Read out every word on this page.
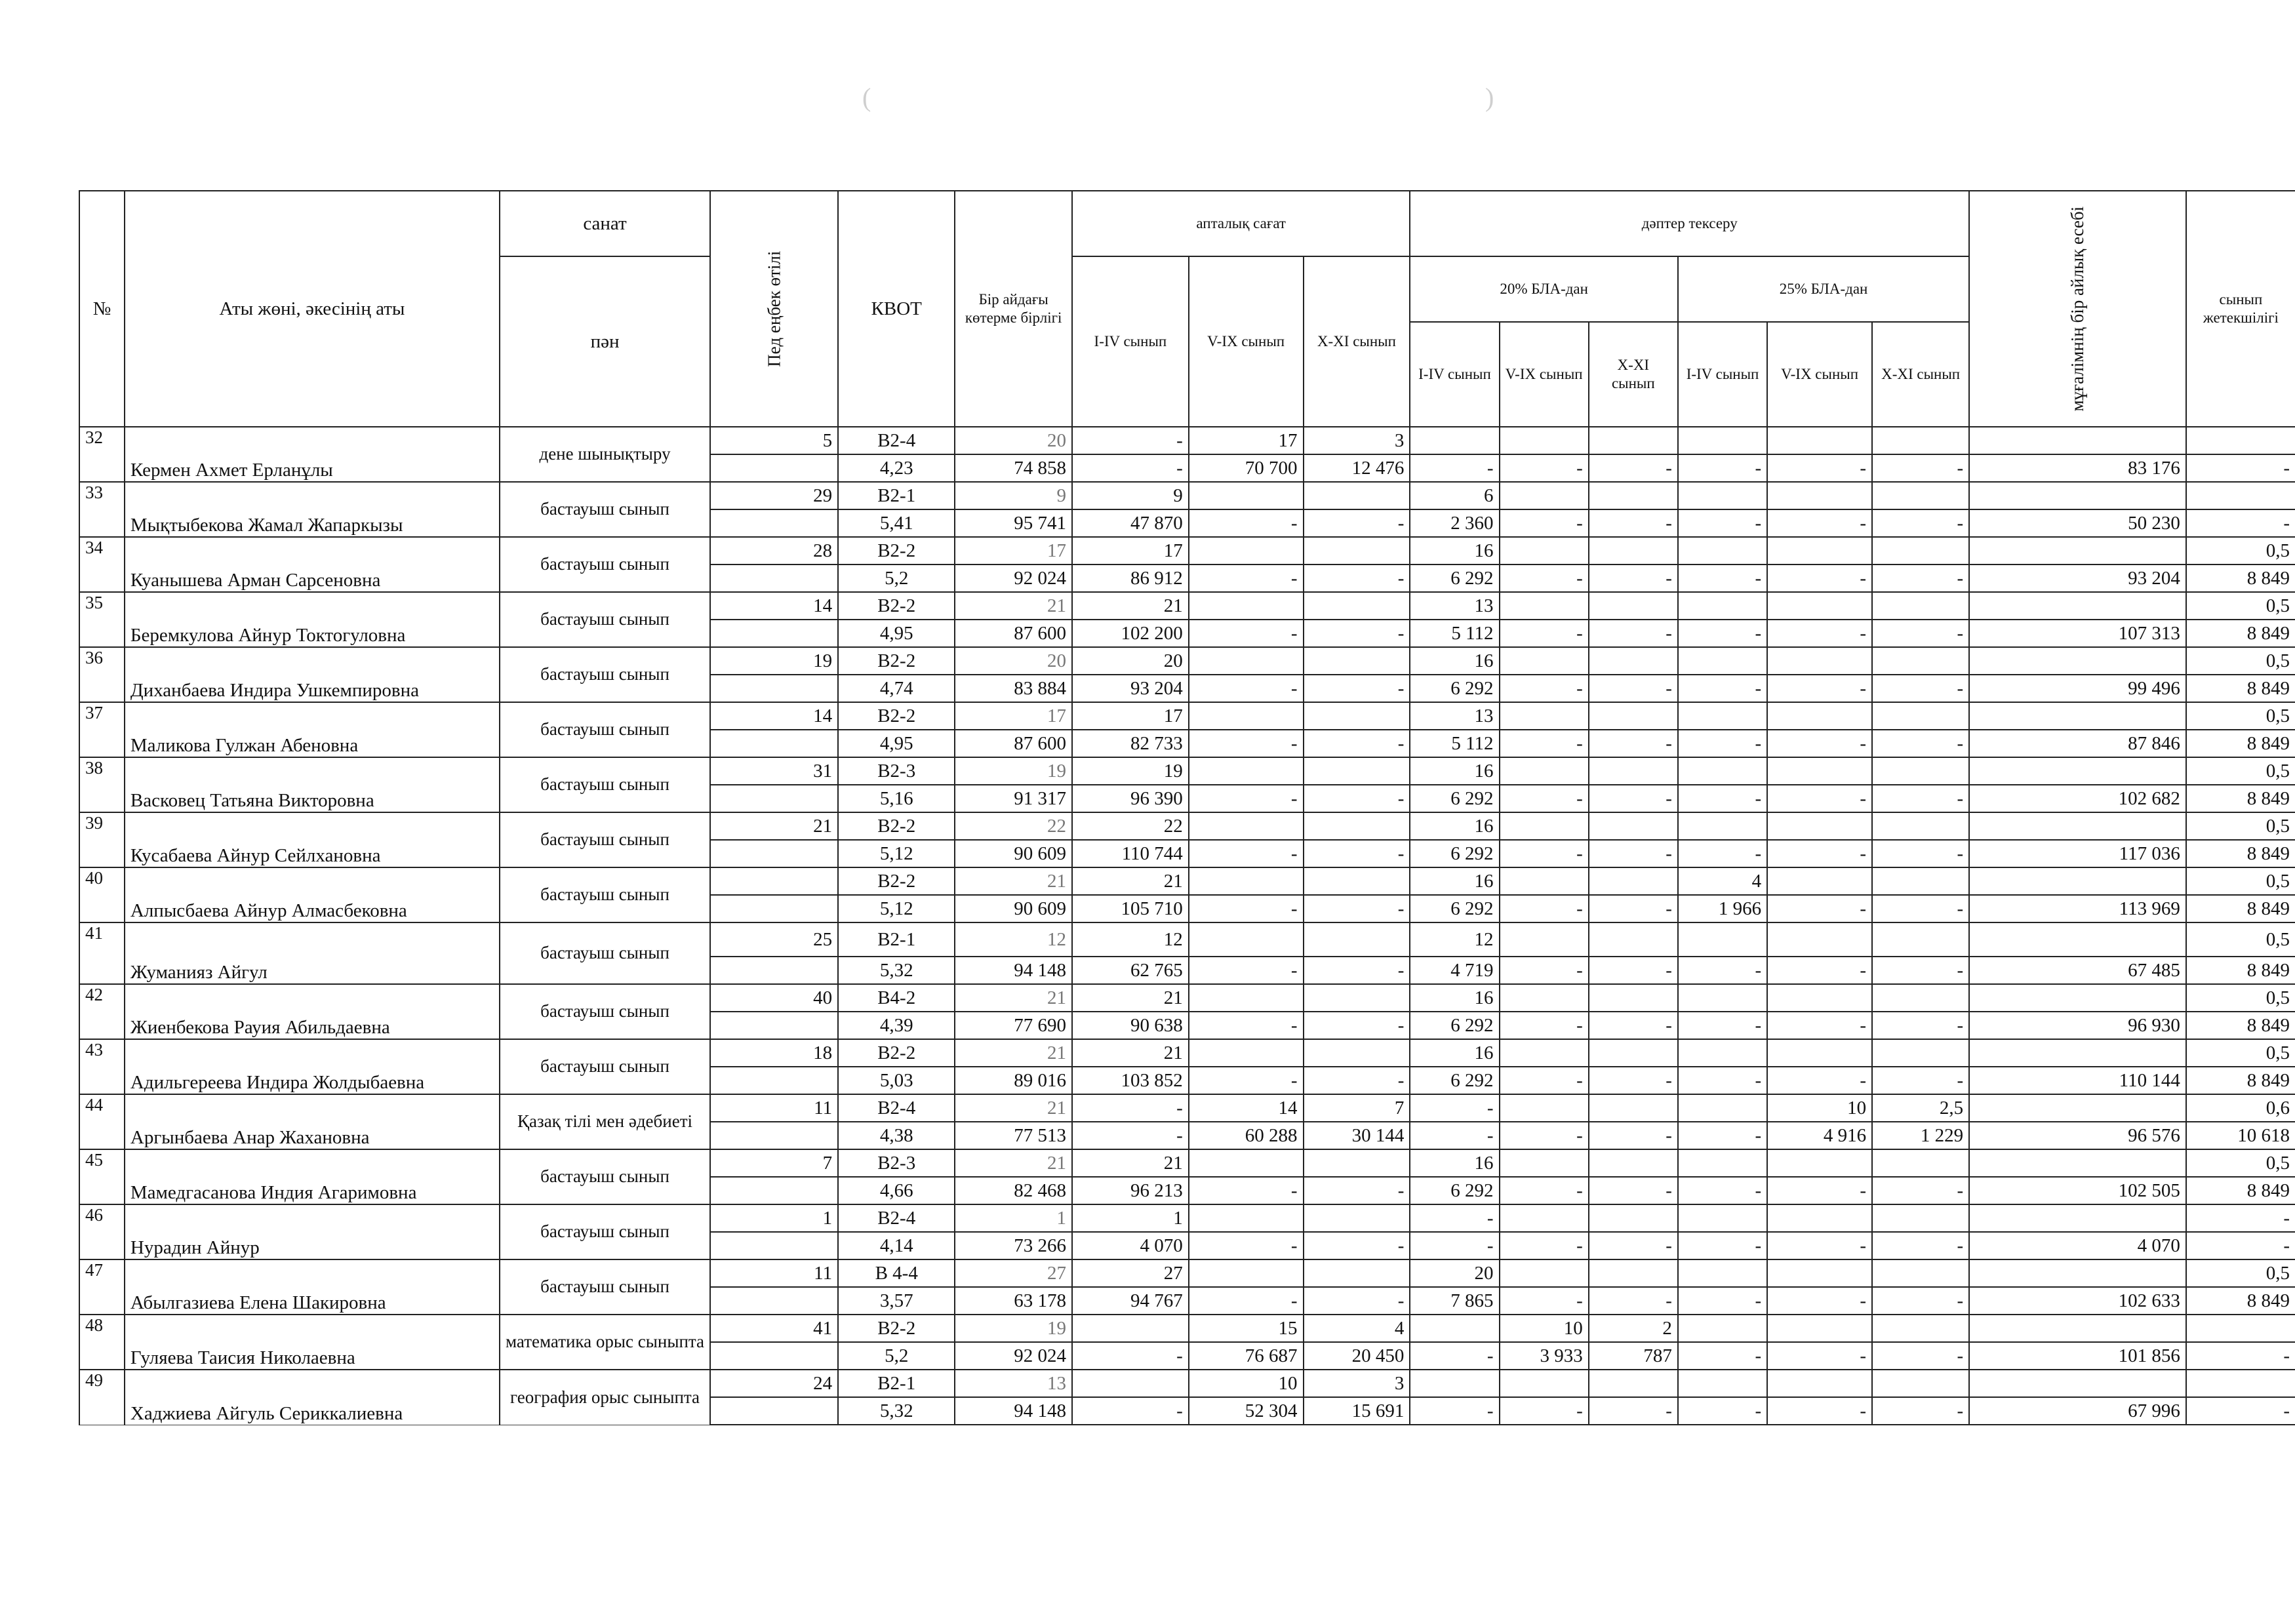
(	)
№	Аты жөні, әкесінің аты	санат	Пед еңбек өтілі	КВОТ	Бір айдағы көтерме бірлігі	апталық сағат			дәптер тексеру						мұғалімнің бір айлық есебі	сынып жетекшілігі
		пән				I-IV сынып	V-IX сынып	X-XI сынып	20% БЛА-дан			25% БЛА-дан				
									I-IV сынып	V-IX сынып	X-XI сынып	I-IV сынып	V-IX сынып	X-XI сынып		
32	Кермен Ахмет Ерланұлы	дене шынықтыру	5	В2-4	20	-	17	3								
				4,23	74 858	-	70 700	12 476	-	-	-	-	-	-	83 176	-
33	Мықтыбекова Жамал Жапаркызы	бастауыш сынып	29	В2-1	9	9			6							
				5,41	95 741	47 870	-	-	2 360	-	-	-	-	-	50 230	-
34	Куанышева Арман Сарсеновна	бастауыш сынып	28	В2-2	17	17			16							0,5
				5,2	92 024	86 912	-	-	6 292	-	-	-	-	-	93 204	8 849
35	Беремкулова Айнур Токтогуловна	бастауыш сынып	14	В2-2	21	21			13							0,5
				4,95	87 600	102 200	-	-	5 112	-	-	-	-	-	107 313	8 849
36	Диханбаева Индира Ушкемпировна	бастауыш сынып	19	В2-2	20	20			16							0,5
				4,74	83 884	93 204	-	-	6 292	-	-	-	-	-	99 496	8 849
37	Маликова Гулжан Абеновна	бастауыш сынып	14	В2-2	17	17			13							0,5
				4,95	87 600	82 733	-	-	5 112	-	-	-	-	-	87 846	8 849
38	Васковец Татьяна Викторовна	бастауыш сынып	31	В2-3	19	19			16							0,5
				5,16	91 317	96 390	-	-	6 292	-	-	-	-	-	102 682	8 849
39	Кусабаева Айнур Сейлхановна	бастауыш сынып	21	В2-2	22	22			16							0,5
				5,12	90 609	110 744	-	-	6 292	-	-	-	-	-	117 036	8 849
40	Алпысбаева Айнур Алмасбековна	бастауыш сынып		В2-2	21	21			16			4				0,5
				5,12	90 609	105 710	-	-	6 292	-	-	1 966	-	-	113 969	8 849
41	Жуманияз Айгул	бастауыш сынып	25	В2-1	12	12			12							0,5
				5,32	94 148	62 765	-	-	4 719	-	-	-	-	-	67 485	8 849
42	Жиенбекова Рауия Абильдаевна	бастауыш сынып	40	В4-2	21	21			16							0,5
				4,39	77 690	90 638	-	-	6 292	-	-	-	-	-	96 930	8 849
43	Адильгереева Индира Жолдыбаевна	бастауыш сынып	18	В2-2	21	21			16							0,5
				5,03	89 016	103 852	-	-	6 292	-	-	-	-	-	110 144	8 849
44	Аргынбаева Анар Жахановна	Қазақ тілі мен әдебиеті	11	В2-4	21	-	14	7	-				10	2,5		0,6
				4,38	77 513	-	60 288	30 144	-	-	-	-	4 916	1 229	96 576	10 618
45	Мамедгасанова Индия Агаримовна	бастауыш сынып	7	В2-3	21	21			16							0,5
				4,66	82 468	96 213	-	-	6 292	-	-	-	-	-	102 505	8 849
46	Нурадин Айнур	бастауыш сынып	1	В2-4	1	1			-							-
				4,14	73 266	4 070	-	-	-	-	-	-	-	-	4 070	-
47	Абылгазиева Елена Шакировна	бастауыш сынып	11	В 4-4	27	27			20							0,5
				3,57	63 178	94 767	-	-	7 865	-	-	-	-	-	102 633	8 849
48	Гуляева Таисия Николаевна	математика орыс сыныпта	41	В2-2	19		15	4		10	2					
				5,2	92 024	-	76 687	20 450	-	3 933	787	-	-	-	101 856	-
49	Хаджиева Айгуль Сериккалиевна	география орыс сыныпта	24	В2-1	13		10	3								
				5,32	94 148	-	52 304	15 691	-	-	-	-	-	-	67 996	-
